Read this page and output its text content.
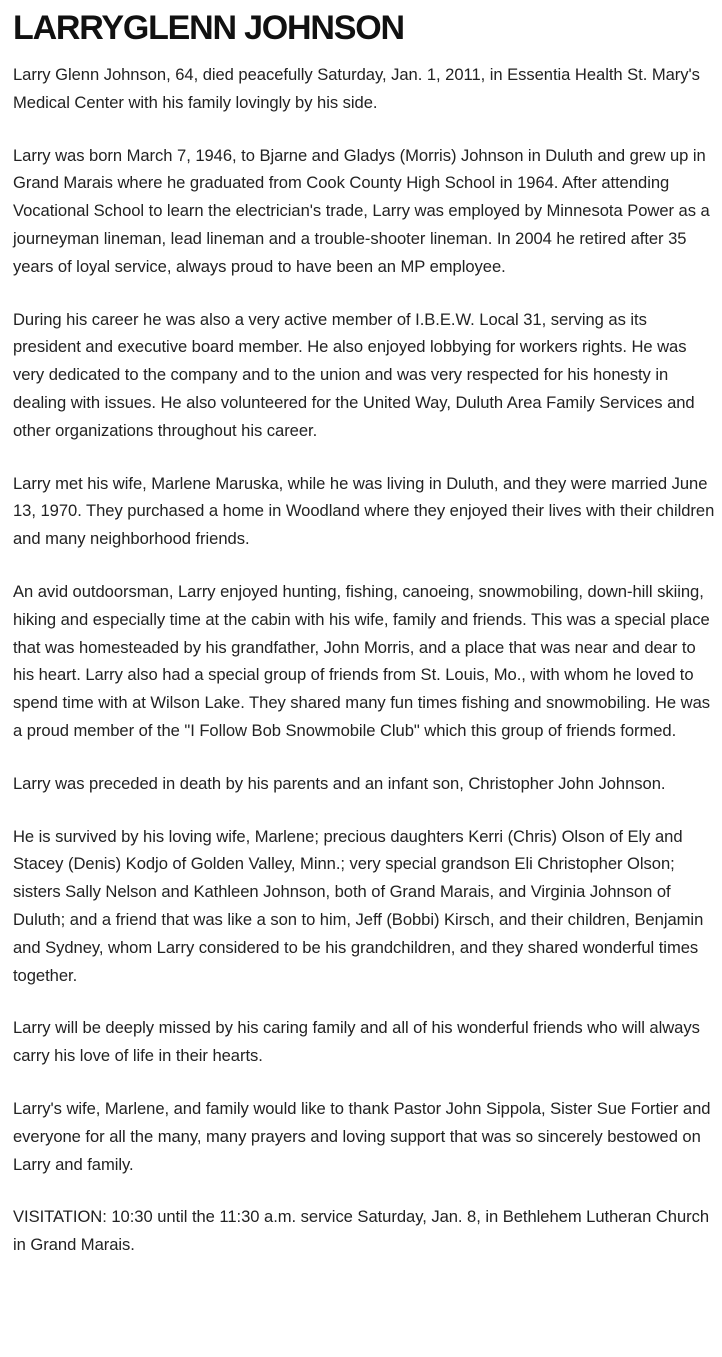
LARRYGLENN JOHNSON

Larry Glenn Johnson, 64, died peacefully Saturday, Jan. 1, 2011, in Essentia Health St. Mary's Medical Center with his family lovingly by his side.

Larry was born March 7, 1946, to Bjarne and Gladys (Morris) Johnson in Duluth and grew up in Grand Marais where he graduated from Cook County High School in 1964. After attending Vocational School to learn the electrician's trade, Larry was employed by Minnesota Power as a journeyman lineman, lead lineman and a trouble-shooter lineman. In 2004 he retired after 35 years of loyal service, always proud to have been an MP employee.

During his career he was also a very active member of I.B.E.W. Local 31, serving as its president and executive board member. He also enjoyed lobbying for workers rights. He was very dedicated to the company and to the union and was very respected for his honesty in dealing with issues. He also volunteered for the United Way, Duluth Area Family Services and other organizations throughout his career.

Larry met his wife, Marlene Maruska, while he was living in Duluth, and they were married June 13, 1970. They purchased a home in Woodland where they enjoyed their lives with their children and many neighborhood friends.

An avid outdoorsman, Larry enjoyed hunting, fishing, canoeing, snowmobiling, down-hill skiing, hiking and especially time at the cabin with his wife, family and friends. This was a special place that was homesteaded by his grandfather, John Morris, and a place that was near and dear to his heart. Larry also had a special group of friends from St. Louis, Mo., with whom he loved to spend time with at Wilson Lake. They shared many fun times fishing and snowmobiling. He was a proud member of the "I Follow Bob Snowmobile Club" which this group of friends formed.

Larry was preceded in death by his parents and an infant son, Christopher John Johnson.

He is survived by his loving wife, Marlene; precious daughters Kerri (Chris) Olson of Ely and Stacey (Denis) Kodjo of Golden Valley, Minn.; very special grandson Eli Christopher Olson; sisters Sally Nelson and Kathleen Johnson, both of Grand Marais, and Virginia Johnson of Duluth; and a friend that was like a son to him, Jeff (Bobbi) Kirsch, and their children, Benjamin and Sydney, whom Larry considered to be his grandchildren, and they shared wonderful times together.

Larry will be deeply missed by his caring family and all of his wonderful friends who will always carry his love of life in their hearts.

Larry's wife, Marlene, and family would like to thank Pastor John Sippola, Sister Sue Fortier and everyone for all the many, many prayers and loving support that was so sincerely bestowed on Larry and family.

VISITATION: 10:30 until the 11:30 a.m. service Saturday, Jan. 8, in Bethlehem Lutheran Church in Grand Marais.
